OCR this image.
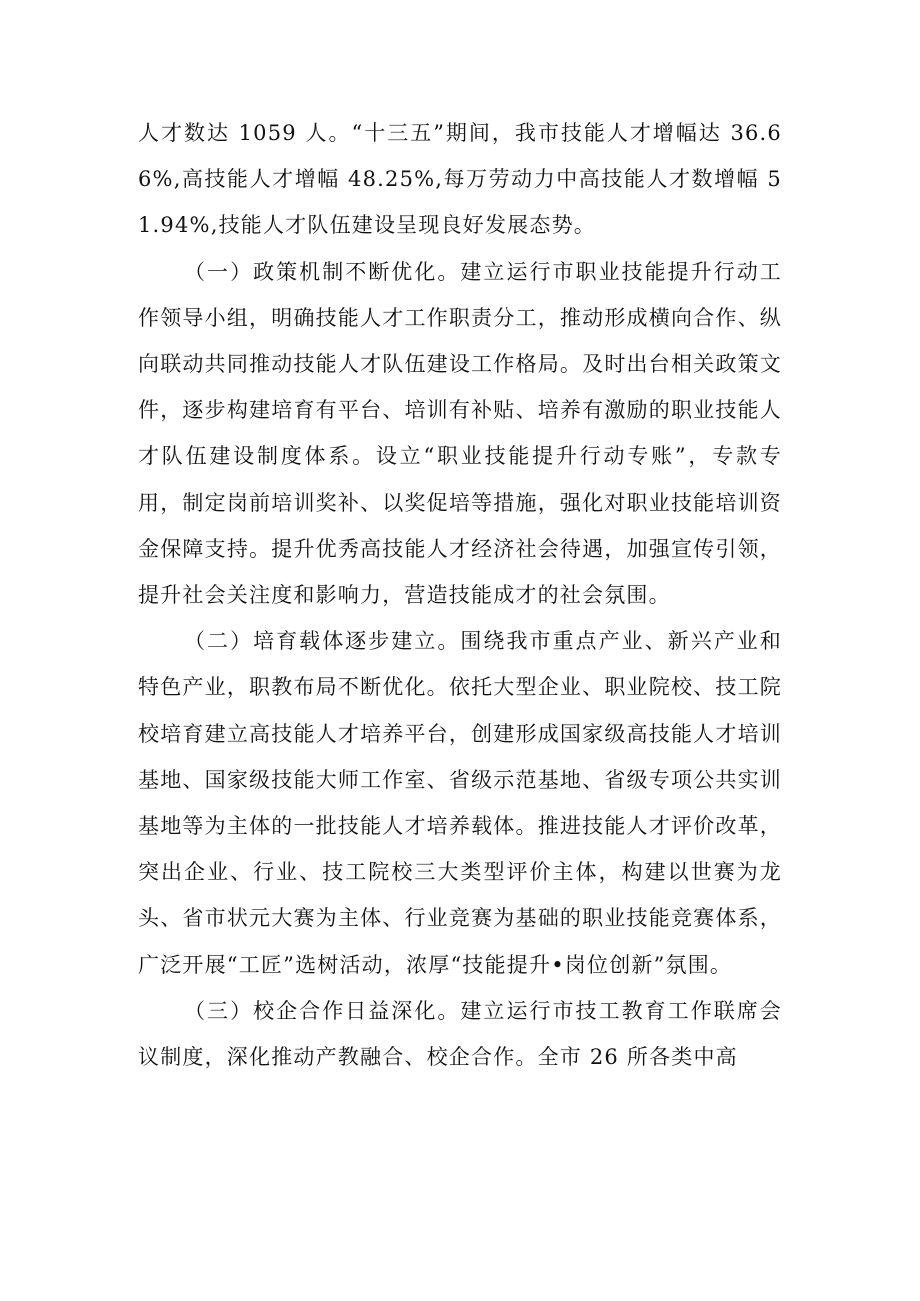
人才数达 1059 人。“十三五”期间，我市技能人才增幅达 36.66%,高技能人才增幅 48.25%,每万劳动力中高技能人才数增幅 51.94%,技能人才队伍建设呈现良好发展态势。

（一）政策机制不断优化。建立运行市职业技能提升行动工作领导小组，明确技能人才工作职责分工，推动形成横向合作、纵向联动共同推动技能人才队伍建设工作格局。及时出台相关政策文件，逐步构建培育有平台、培训有补贴、培养有激励的职业技能人才队伍建设制度体系。设立“职业技能提升行动专账”，专款专用，制定岗前培训奖补、以奖促培等措施，强化对职业技能培训资金保障支持。提升优秀高技能人才经济社会待遇，加强宣传引领，提升社会关注度和影响力，营造技能成才的社会氛围。

（二）培育载体逐步建立。围绕我市重点产业、新兴产业和特色产业，职教布局不断优化。依托大型企业、职业院校、技工院校培育建立高技能人才培养平台，创建形成国家级高技能人才培训基地、国家级技能大师工作室、省级示范基地、省级专项公共实训基地等为主体的一批技能人才培养载体。推进技能人才评价改革，突出企业、行业、技工院校三大类型评价主体，构建以世赛为龙头、省市状元大赛为主体、行业竞赛为基础的职业技能竞赛体系，广泛开展“工匠”选树活动，浓厚“技能提升•岗位创新”氛围。

（三）校企合作日益深化。建立运行市技工教育工作联席会议制度，深化推动产教融合、校企合作。全市 26 所各类中高
